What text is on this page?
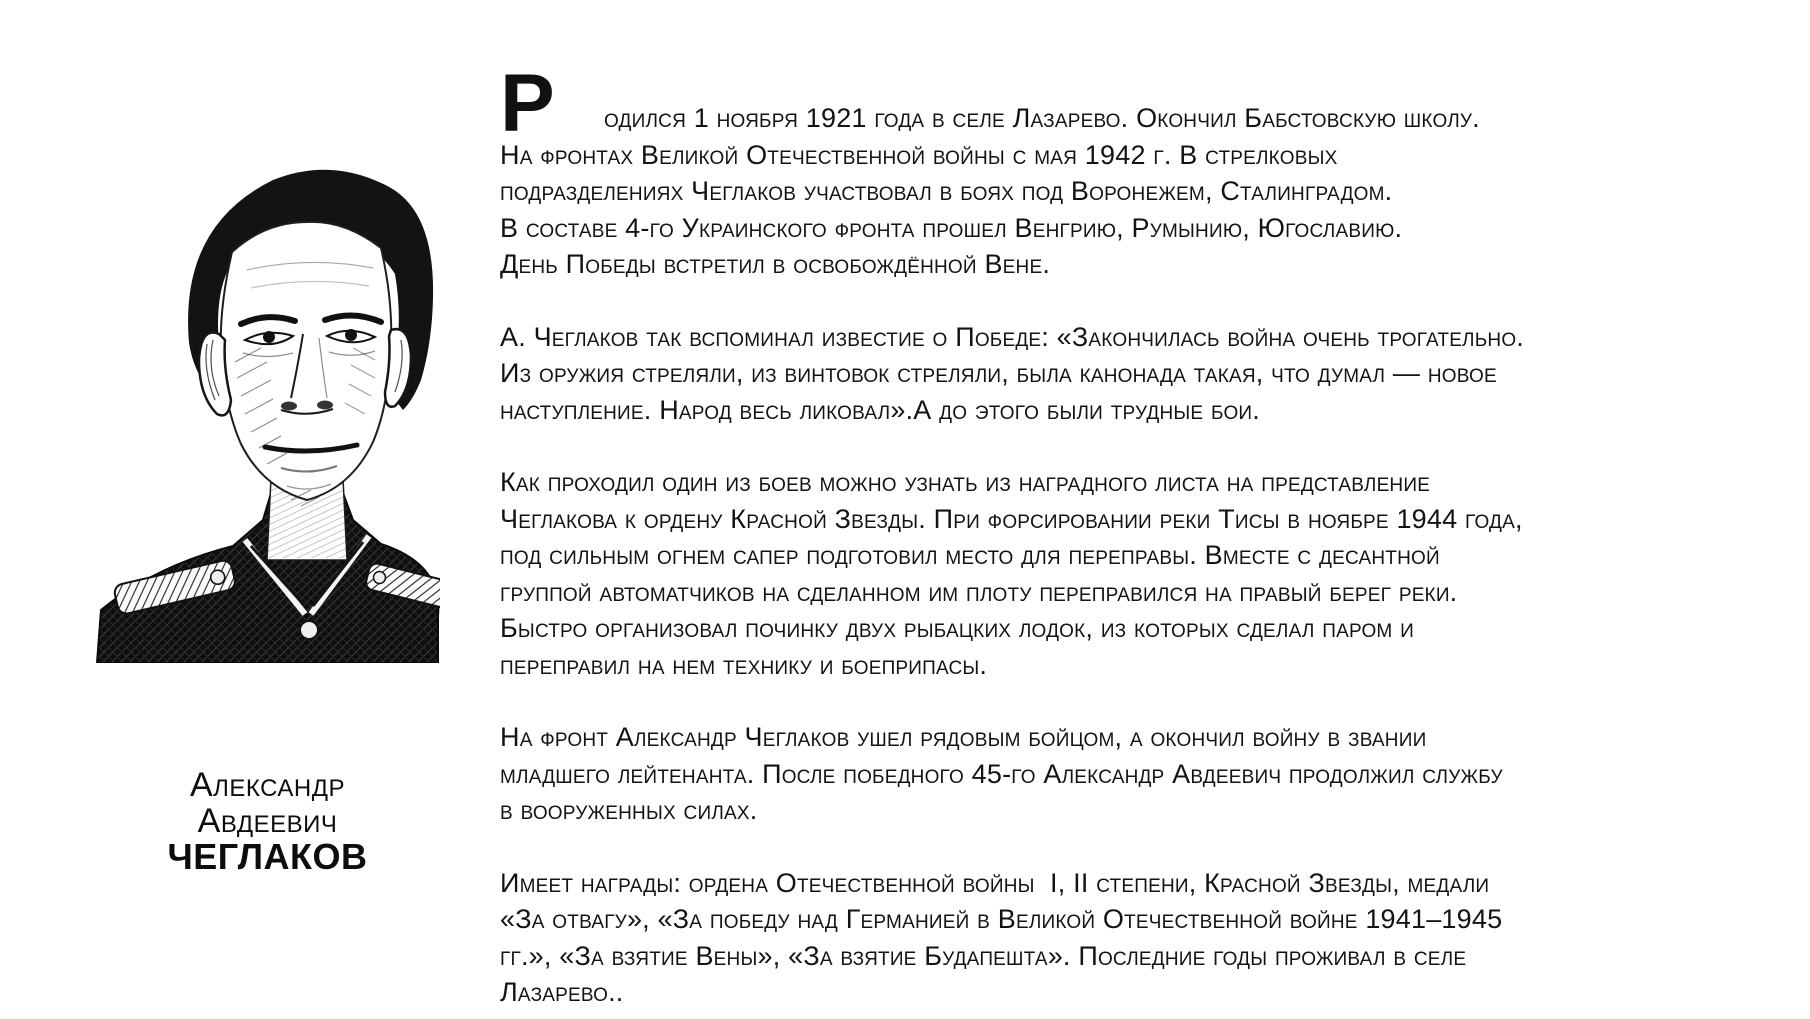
Александр
Авдеевич
ЧЕГЛАКОВ
Р одился 1 ноября 1921 года в селе Лазарево. Окончил Бабстовскую школу.
На фронтах Великой Отечественной войны с мая 1942 г. В стрелковых
подразделениях Чеглаков участвовал в боях под Воронежем, Сталинградом.
В составе 4-го Украинского фронта прошел Венгрию, Румынию, Югославию.
День Победы встретил в освобождённой Вене.
А. Чеглаков так вспоминал известие о Победе: «Закончилась война очень трогательно.
Из оружия стреляли, из винтовок стреляли, была канонада такая, что думал — новое
наступление. Народ весь ликовал».А до этого были трудные бои.
Как проходил один из боев можно узнать из наградного листа на представление
Чеглакова к ордену Красной Звезды. При форсировании реки Тисы в ноябре 1944 года,
под сильным огнем сапер подготовил место для переправы. Вместе с десантной
группой автоматчиков на сделанном им плоту переправился на правый берег реки.
Быстро организовал починку двух рыбацких лодок, из которых сделал паром и
переправил на нем технику и боеприпасы.
На фронт Александр Чеглаков ушел рядовым бойцом, а окончил войну в звании
младшего лейтенанта. После победного 45-го Александр Авдеевич продолжил службу
в вооруженных силах.
Имеет награды: ордена Отечественной войны  I, II степени, Красной Звезды, медали
«За отвагу», «За победу над Германией в Великой Отечественной войне 1941–1945
гг.», «За взятие Вены», «За взятие Будапешта». Последние годы проживал в селе
Лазарево..
